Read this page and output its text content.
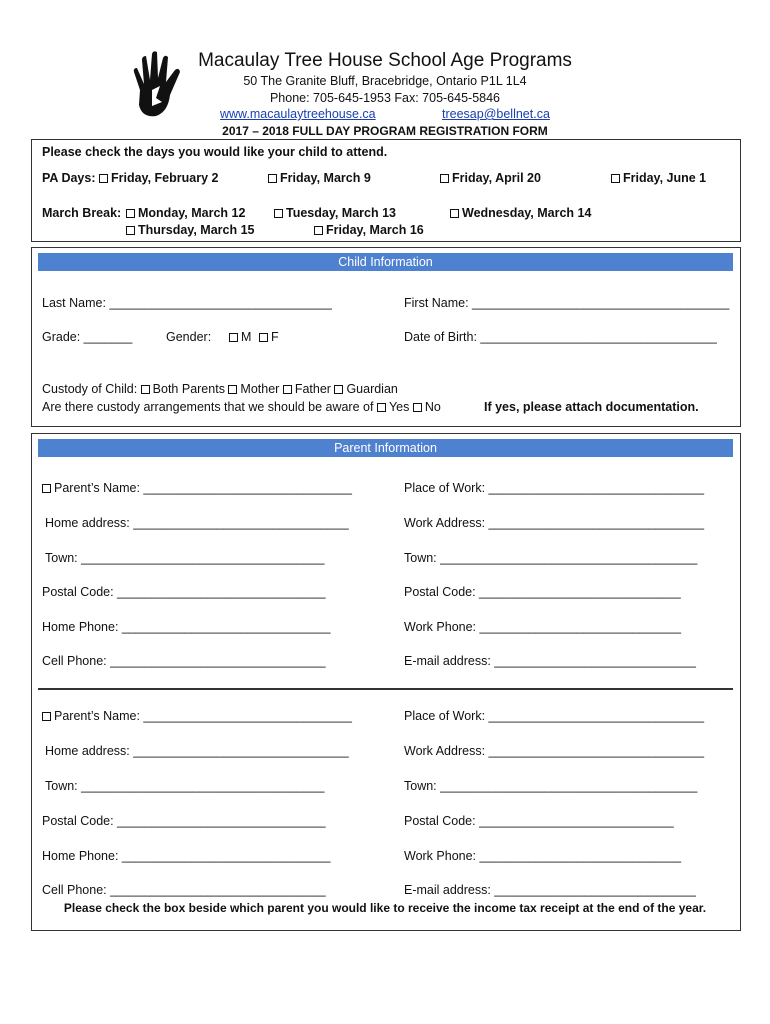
Macaulay Tree House School Age Programs
50 The Granite Bluff, Bracebridge, Ontario P1L 1L4
Phone: 705-645-1953 Fax: 705-645-5846
www.macaulaytreehouse.ca	treesap@bellnet.ca
2017 – 2018 FULL DAY PROGRAM REGISTRATION FORM
Please check the days you would like your child to attend.
PA Days:	Friday, February 2	Friday, March 9	Friday, April 20	Friday, June 1
March Break:	Monday, March 12	Tuesday, March 13	Wednesday, March 14
Thursday, March 15	Friday, March 16
Child Information
Last Name: ________________________________	First Name: _____________________________________
Grade: _______	Gender:	M	F	Date of Birth: __________________________________
Custody of Child: Both Parents Mother Father Guardian
Are there custody arrangements that we should be aware of Yes No	If yes, please attach documentation.
Parent Information
Parent’s Name: ______________________________	Place of Work: _______________________________
Home address: _______________________________	Work Address: _______________________________
Town: ___________________________________	Town: _____________________________________
Postal Code: ______________________________	Postal Code: _____________________________
Home Phone: ______________________________	Work Phone: _____________________________
Cell Phone: _______________________________	E-mail address: _____________________________
Parent’s Name: ______________________________	Place of Work: _______________________________
Home address: _______________________________	Work Address: _______________________________
Town: ___________________________________	Town: _____________________________________
Postal Code: ______________________________	Postal Code: ____________________________
Home Phone: ______________________________	Work Phone: _____________________________
Cell Phone: _______________________________	E-mail address: _____________________________
Please check the box beside which parent you would like to receive the income tax receipt at the end of the year.
